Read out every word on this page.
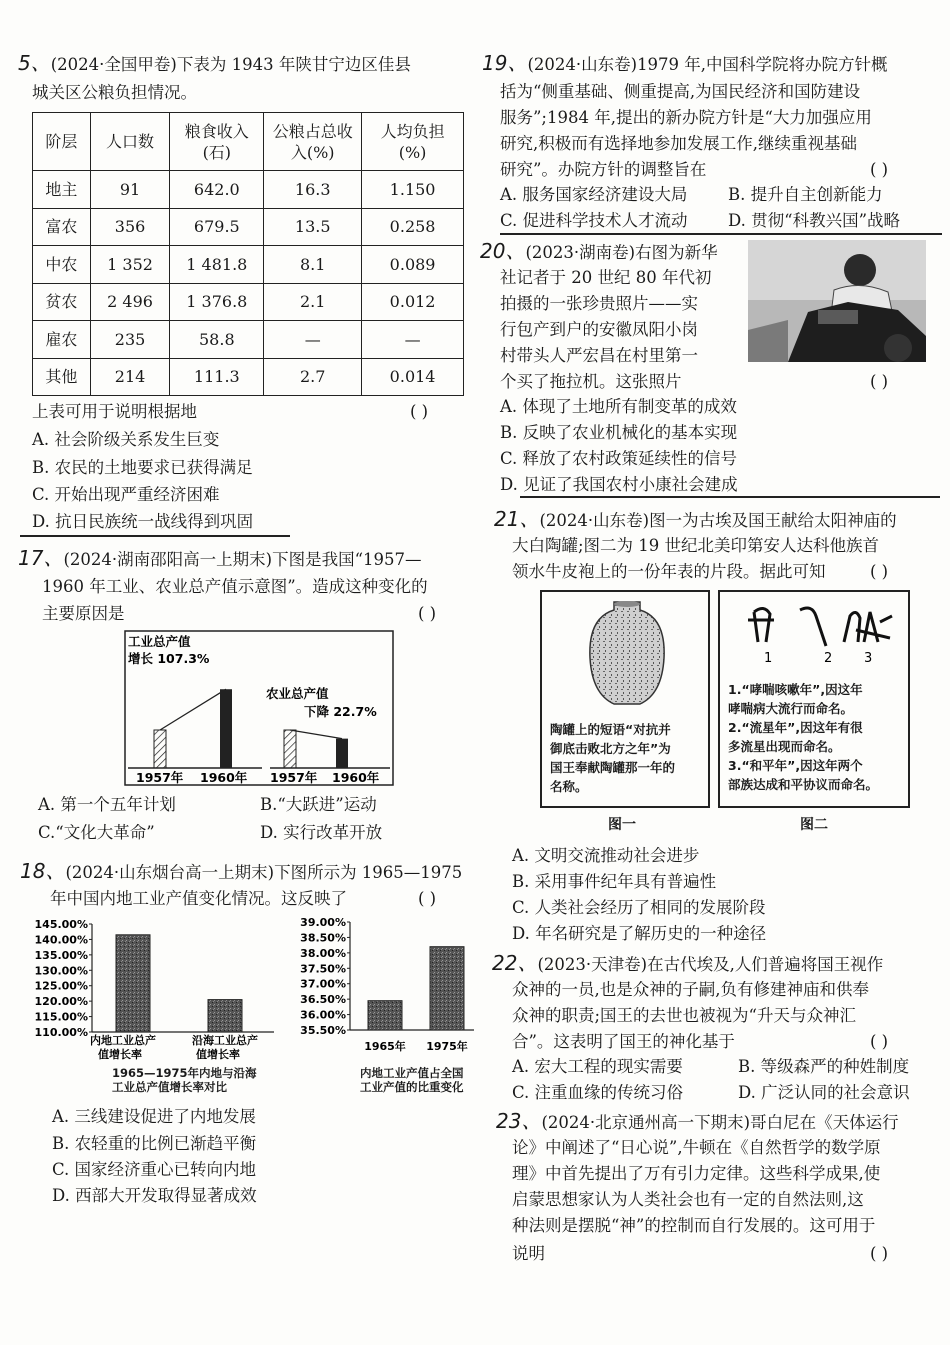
5、(2024·全国甲卷)下表为 1943 年陕甘宁边区佳县
城关区公粮负担情况。
阶层	人口数	粮食收入(石)	公粮占总收入(%)	人均负担(%)

地主	91	642.0	16.3	1.150
富农	356	679.5	13.5	0.258
中农	1 352	1 481.8	8.1	0.089
贫农	2 496	1 376.8	2.1	0.012
雇农	235	58.8	—	—
其他	214	111.3	2.7	0.014
上表可用于说明根据地	( )
A. 社会阶级关系发生巨变
B. 农民的土地要求已获得满足
C. 开始出现严重经济困难
D. 抗日民族统一战线得到巩固
17、(2024·湖南邵阳高一上期末)下图是我国“1957—
1960 年工业、农业总产值示意图”。造成这种变化的
主要原因是	( )
工业总产值
增长 107.3%
农业总产值
下降 22.7%
1957年 1960年 1957年 1960年
A. 第一个五年计划	B.“大跃进”运动
C.“文化大革命”	D. 实行改革开放
18、(2024·山东烟台高一上期末)下图所示为 1965—1975
年中国内地工业产值变化情况。这反映了	( )
145.00%
140.00%
135.00%
130.00%
125.00%
120.00%
115.00%
110.00%
内地工业总产值增长率
沿海工业总产值增长率
1965—1975年内地与沿海
工业总产值增长率对比
39.00%
38.50%
38.00%
37.50%
37.00%
36.50%
36.00%
35.50%
1965年 1975年
内地工业产值占全国
工业产值的比重变化
A. 三线建设促进了内地发展
B. 农轻重的比例已渐趋平衡
C. 国家经济重心已转向内地
D. 西部大开发取得显著成效
19、(2024·山东卷)1979 年,中国科学院将办院方针概
括为“侧重基础、侧重提高,为国民经济和国防建设
服务”;1984 年,提出的新办院方针是“大力加强应用
研究,积极而有选择地参加发展工作,继续重视基础
研究”。办院方针的调整旨在	( )
A. 服务国家经济建设大局 B. 提升自主创新能力
C. 促进科学技术人才流动 D. 贯彻“科教兴国”战略
20、(2023·湖南卷)右图为新华
社记者于 20 世纪 80 年代初
拍摄的一张珍贵照片——实
行包产到户的安徽凤阳小岗
村带头人严宏昌在村里第一
个买了拖拉机。这张照片	( )
A. 体现了土地所有制变革的成效
B. 反映了农业机械化的基本实现
C. 释放了农村政策延续性的信号
D. 见证了我国农村小康社会建成
21、(2024·山东卷)图一为古埃及国王献给太阳神庙的
大白陶罐;图二为 19 世纪北美印第安人达科他族首
领水牛皮袍上的一份年表的片段。据此可知	( )
陶罐上的短语“对抗并
御底击败北方之年”为
国王奉献陶罐那一年的
名称。
1	2 3
1.“哮喘咳嗽年”,因这年
哮喘病大流行而命名。
2.“流星年”,因这年有很
多流星出现而命名。
3.“和平年”,因这年两个
部族达成和平协议而命名。
图一	图二
A. 文明交流推动社会进步
B. 采用事件纪年具有普遍性
C. 人类社会经历了相同的发展阶段
D. 年名研究是了解历史的一种途径
22、(2023·天津卷)在古代埃及,人们普遍将国王视作
众神的一员,也是众神的子嗣,负有修建神庙和供奉
众神的职责;国王的去世也被视为“升天与众神汇
合”。这表明了国王的神化基于	( )
A. 宏大工程的现实需要	B. 等级森严的种姓制度
C. 注重血缘的传统习俗	D. 广泛认同的社会意识
23、(2024·北京通州高一下期末)哥白尼在《天体运行
论》中阐述了“日心说”,牛顿在《自然哲学的数学原
理》中首先提出了万有引力定律。这些科学成果,使
启蒙思想家认为人类社会也有一定的自然法则,这
种法则是摆脱“神”的控制而自行发展的。这可用于
说明	( )
